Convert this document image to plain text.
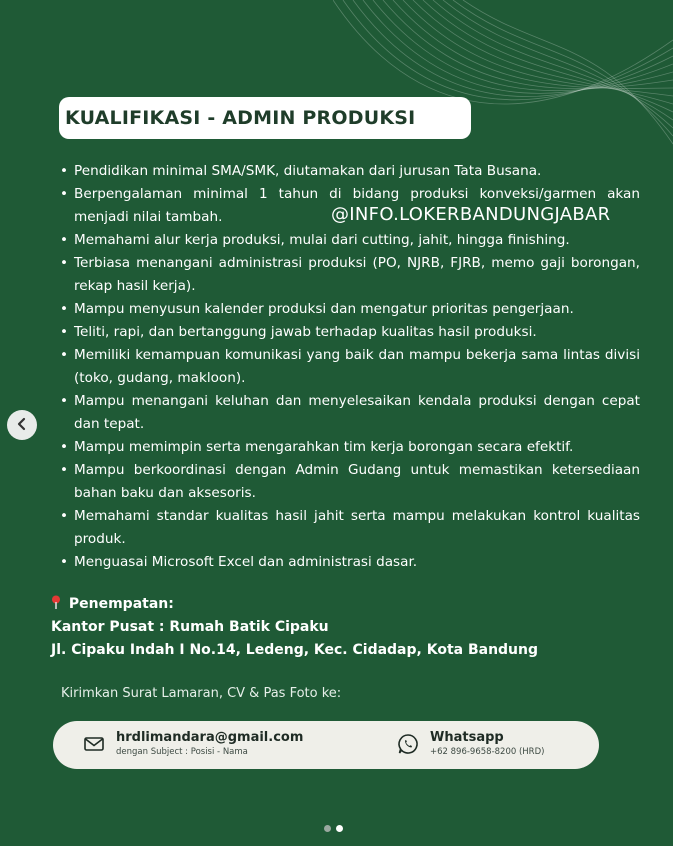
KUALIFIKASI - ADMIN PRODUKSI
• Pendidikan minimal SMA/SMK, diutamakan dari jurusan Tata Busana.
• Berpengalaman minimal 1 tahun di bidang produksi konveksi/garmen akan menjadi nilai tambah.
• Memahami alur kerja produksi, mulai dari cutting, jahit, hingga finishing.
• Terbiasa menangani administrasi produksi (PO, NJRB, FJRB, memo gaji borongan, rekap hasil kerja).
• Mampu menyusun kalender produksi dan mengatur prioritas pengerjaan.
• Teliti, rapi, dan bertanggung jawab terhadap kualitas hasil produksi.
• Memiliki kemampuan komunikasi yang baik dan mampu bekerja sama lintas divisi (toko, gudang, makloon).
• Mampu menangani keluhan dan menyelesaikan kendala produksi dengan cepat dan tepat.
• Mampu memimpin serta mengarahkan tim kerja borongan secara efektif.
• Mampu berkoordinasi dengan Admin Gudang untuk memastikan ketersediaan bahan baku dan aksesoris.
• Memahami standar kualitas hasil jahit serta mampu melakukan kontrol kualitas produk.
• Menguasai Microsoft Excel dan administrasi dasar.
@INFO.LOKERBANDUNGJABAR
Penempatan:
Kantor Pusat : Rumah Batik Cipaku
Jl. Cipaku Indah I No.14, Ledeng, Kec. Cidadap, Kota Bandung
Kirimkan Surat Lamaran, CV & Pas Foto ke:
hrdlimandara@gmail.com
dengan Subject : Posisi - Nama
Whatsapp
+62 896-9658-8200 (HRD)
